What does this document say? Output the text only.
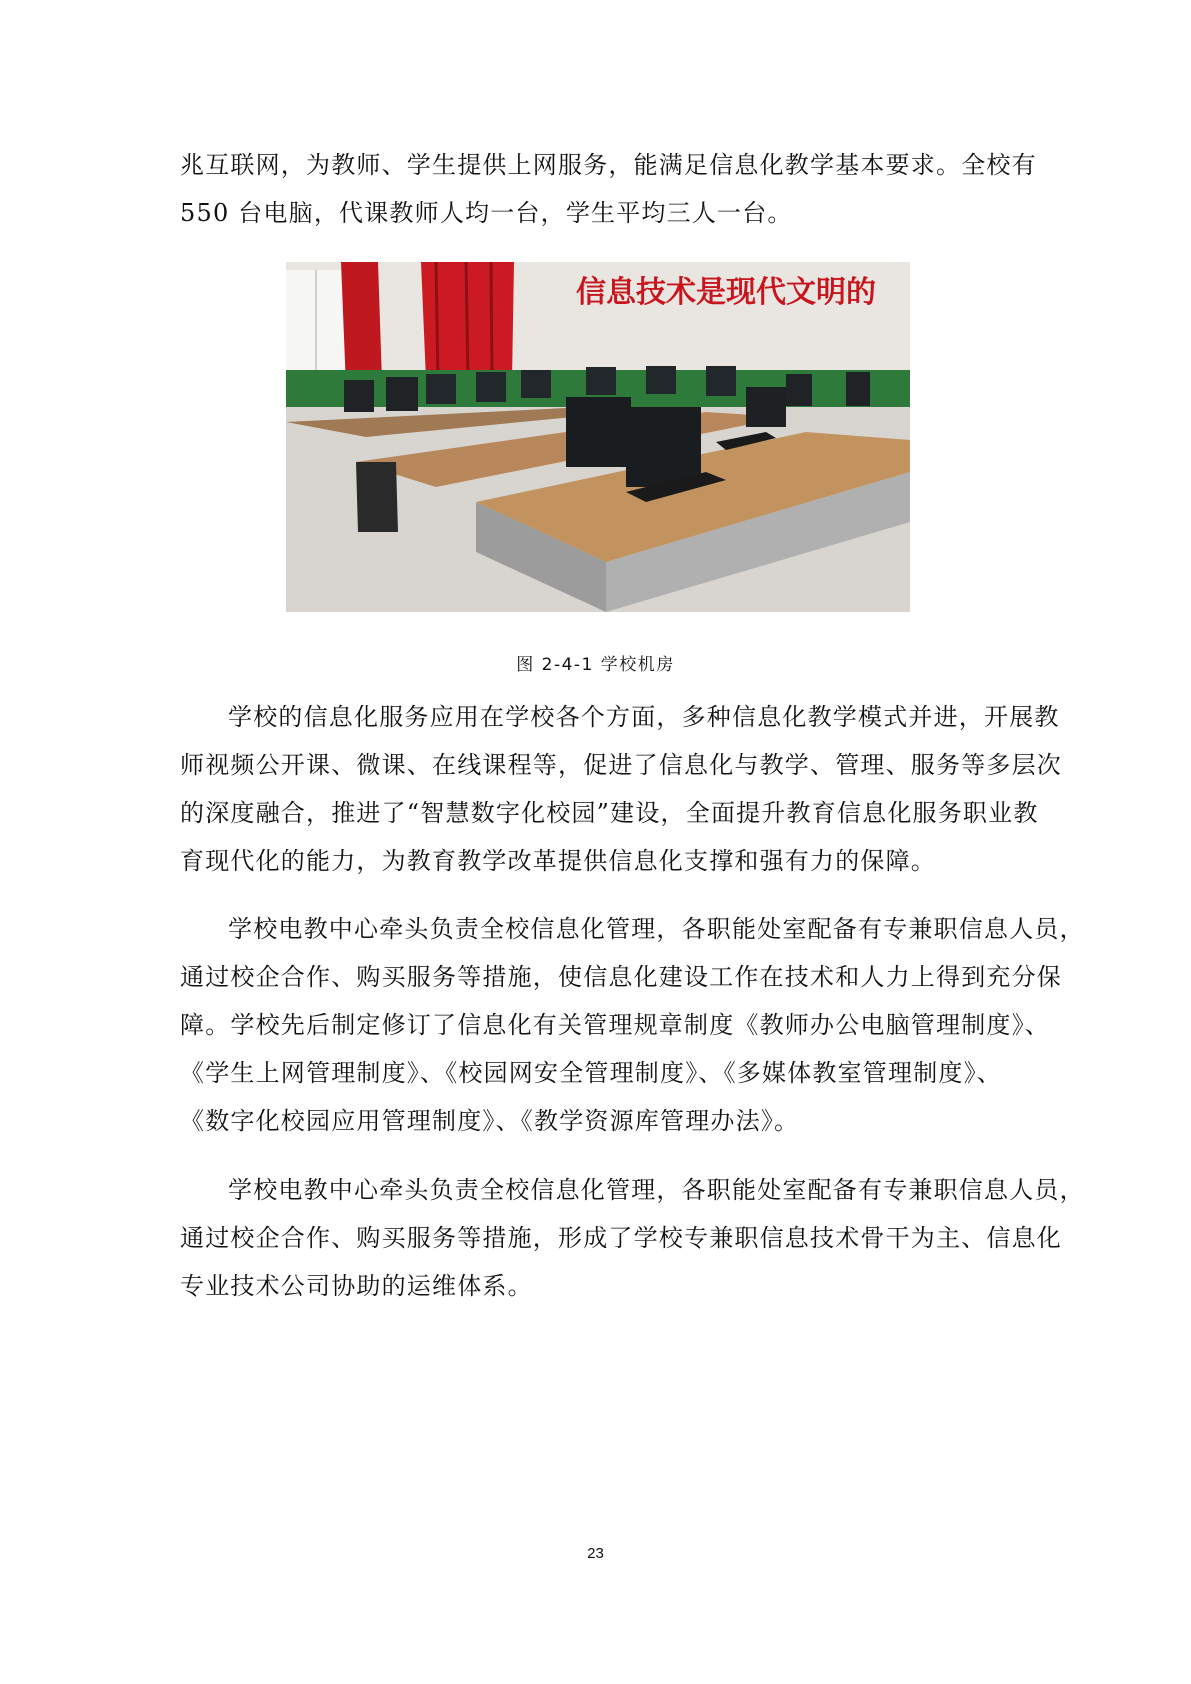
兆互联网，为教师、学生提供上网服务，能满足信息化教学基本要求。全校有
550 台电脑，代课教师人均一台，学生平均三人一台。

信息技术是现代文明的
图 2-4-1 学校机房

学校的信息化服务应用在学校各个方面，多种信息化教学模式并进，开展教
师视频公开课、微课、在线课程等，促进了信息化与教学、管理、服务等多层次
的深度融合，推进了“智慧数字化校园”建设，全面提升教育信息化服务职业教
育现代化的能力，为教育教学改革提供信息化支撑和强有力的保障。

学校电教中心牵头负责全校信息化管理，各职能处室配备有专兼职信息人员，
通过校企合作、购买服务等措施，使信息化建设工作在技术和人力上得到充分保
障。学校先后制定修订了信息化有关管理规章制度《教师办公电脑管理制度》、
《学生上网管理制度》、《校园网安全管理制度》、《多媒体教室管理制度》、
《数字化校园应用管理制度》、《教学资源库管理办法》。

学校电教中心牵头负责全校信息化管理，各职能处室配备有专兼职信息人员，
通过校企合作、购买服务等措施，形成了学校专兼职信息技术骨干为主、信息化
专业技术公司协助的运维体系。

23
